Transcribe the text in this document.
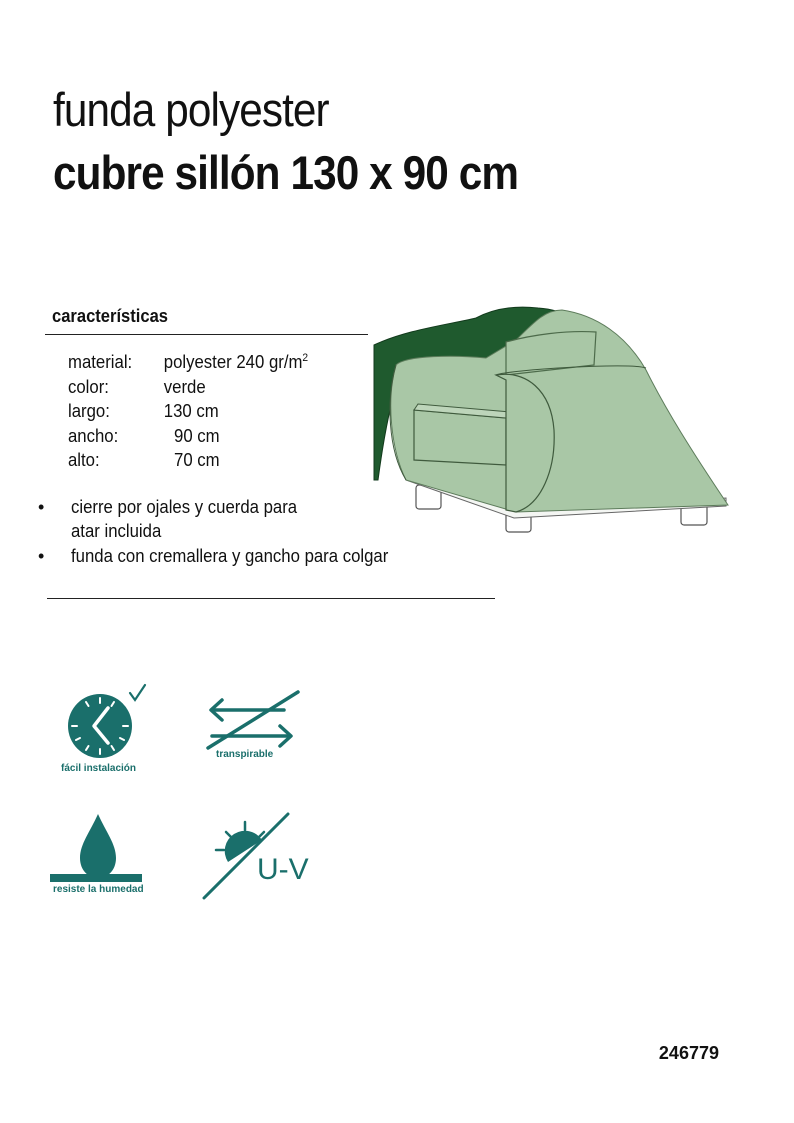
funda polyester
cubre sillón 130 x 90 cm
características
material: polyester 240 $gr/m^2$
color:	verde
largo:	130 cm
ancho:	90 cm
alto:	70 cm
• cierre por ojales y cuerda para
atar incluida
• funda con cremallera y gancho para colgar
fácil instalación
transpirable
resiste la humedad
U-V
246779
